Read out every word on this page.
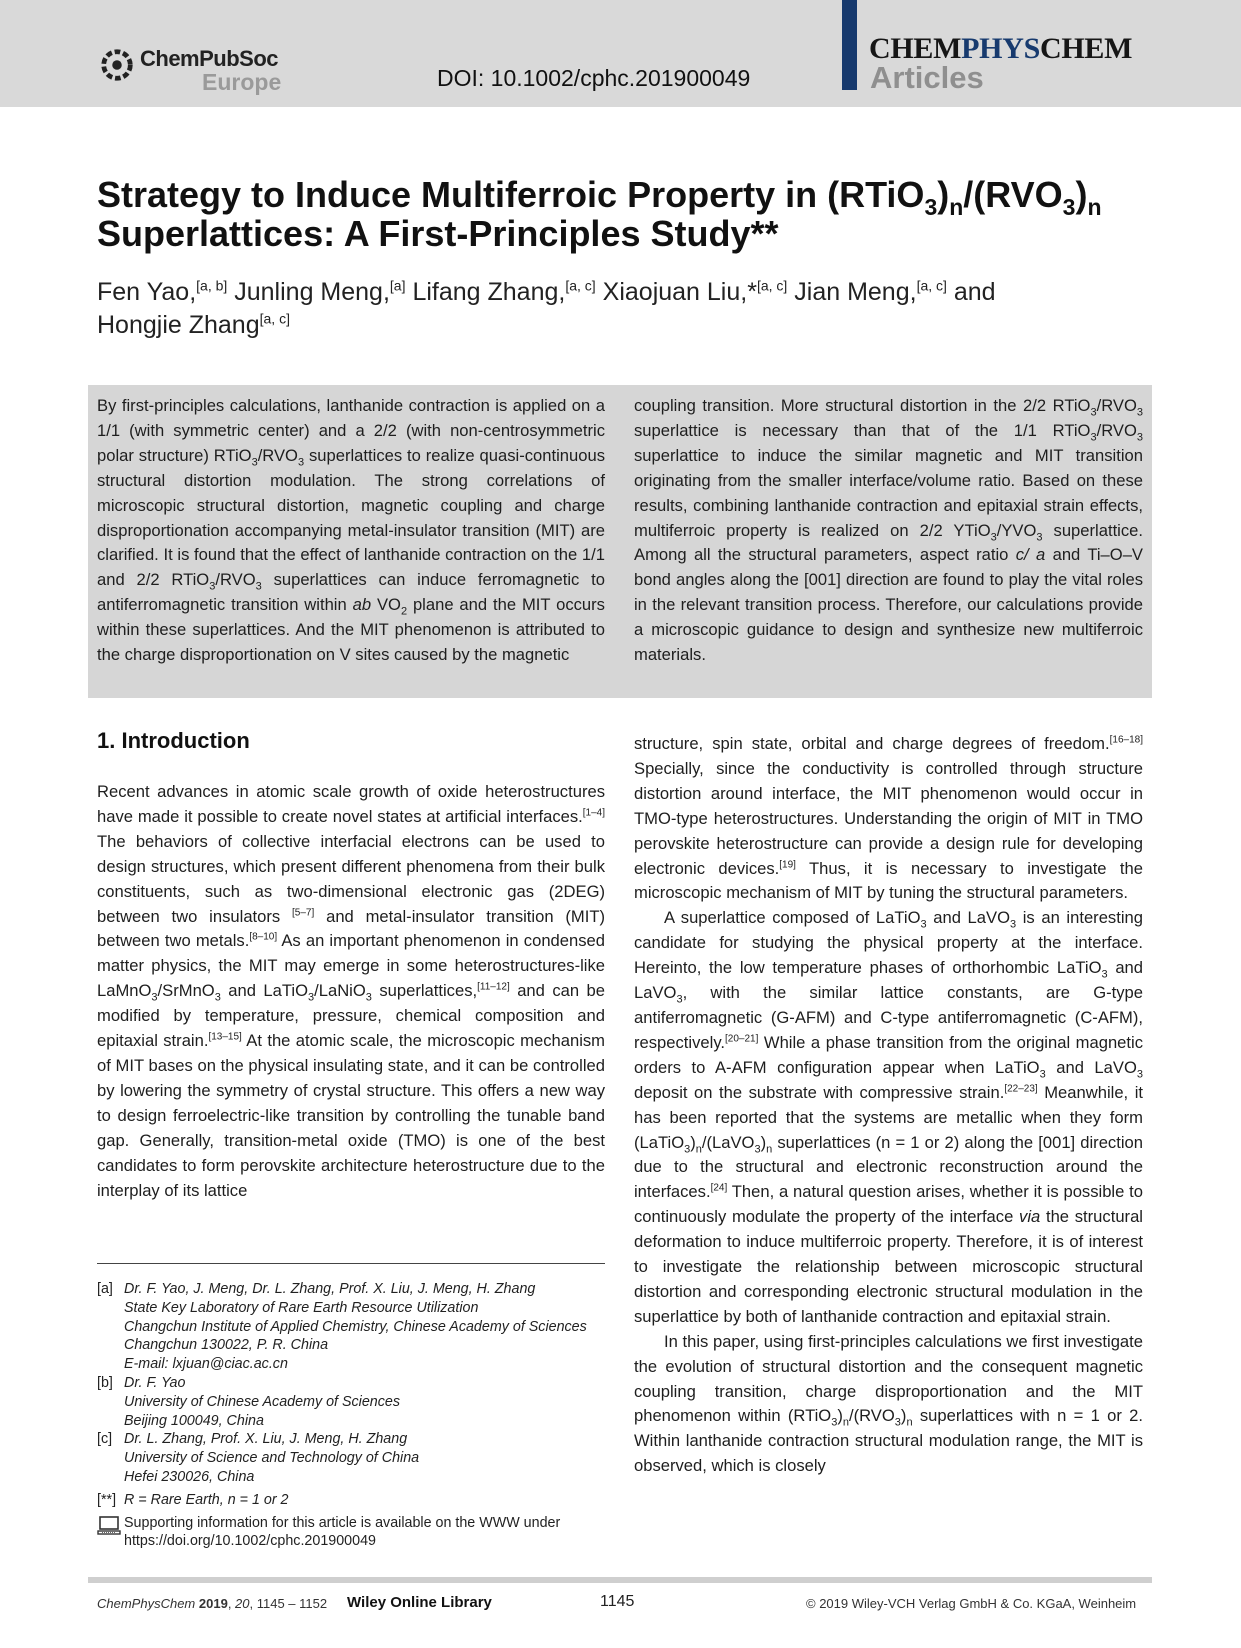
ChemPubSoc
Europe	DOI: 10.1002/cphc.201900049
CHEMPHYSCHEM
Articles
Strategy to Induce Multiferroic Property in $(RTiO_3)_n/(RVO_3)_n$
Superlattices: A First-Principles Study**
Fen Yao,[a, b] Junling Meng,[a] Lifang Zhang,[a, c] Xiaojuan Liu,*[a, c] Jian Meng,[a, c] and
Hongjie Zhang[a, c]
By first-principles calculations, lanthanide contraction is applied on a 1/1 (with symmetric center) and a 2/2 (with non-centrosymmetric polar structure) $RTiO_3/RVO_3$ superlattices to realize quasi-continuous structural distortion modulation. The strong correlations of microscopic structural distortion, magnetic coupling and charge disproportionation accompanying metal-insulator transition (MIT) are clarified. It is found that the effect of lanthanide contraction on the 1/1 and 2/2 $RTiO_3/RVO_3$ superlattices can induce ferromagnetic to antiferromagnetic transition within ab $VO_2$ plane and the MIT occurs within these superlattices. And the MIT phenomenon is attributed to the charge disproportionation on V sites caused by the magnetic
coupling transition. More structural distortion in the 2/2 $RTiO_3/RVO_3$ superlattice is necessary than that of the 1/1 $RTiO_3/RVO_3$ superlattice to induce the similar magnetic and MIT transition originating from the smaller interface/volume ratio. Based on these results, combining lanthanide contraction and epitaxial strain effects, multiferroic property is realized on 2/2 $YTiO_3/YVO_3$ superlattice. Among all the structural parameters, aspect ratio c/ a and Ti–O–V bond angles along the [001] direction are found to play the vital roles in the relevant transition process. Therefore, our calculations provide a microscopic guidance to design and synthesize new multiferroic materials.
1. Introduction

Recent advances in atomic scale growth of oxide heterostructures have made it possible to create novel states at artificial interfaces.[1–4] The behaviors of collective interfacial electrons can be used to design structures, which present different phenomena from their bulk constituents, such as two-dimensional electronic gas (2DEG) between two insulators [5–7] and metal-insulator transition (MIT) between two metals.[8–10] As an important phenomenon in condensed matter physics, the MIT may emerge in some heterostructures-like LaMnO$_3$/SrMnO$_3$ and LaTiO$_3$/LaNiO$_3$ superlattices,[11–12] and can be modified by temperature, pressure, chemical composition and epitaxial strain.[13–15] At the atomic scale, the microscopic mechanism of MIT bases on the physical insulating state, and it can be controlled by lowering the symmetry of crystal structure. This offers a new way to design ferroelectric-like transition by controlling the tunable band gap. Generally, transition-metal oxide (TMO) is one of the best candidates to form perovskite architecture heterostructure due to the interplay of its lattice

structure, spin state, orbital and charge degrees of freedom.[16–18] Specially, since the conductivity is controlled through structure distortion around interface, the MIT phenomenon would occur in TMO-type heterostructures. Understanding the origin of MIT in TMO perovskite heterostructure can provide a design rule for developing electronic devices.[19] Thus, it is necessary to investigate the microscopic mechanism of MIT by tuning the structural parameters.

A superlattice composed of LaTiO$_3$ and LaVO$_3$ is an interesting candidate for studying the physical property at the interface. Hereinto, the low temperature phases of orthorhombic LaTiO$_3$ and LaVO$_3$, with the similar lattice constants, are G-type antiferromagnetic (G-AFM) and C-type antiferromagnetic (C-AFM), respectively.[20–21] While a phase transition from the original magnetic orders to A-AFM configuration appear when LaTiO$_3$ and LaVO$_3$ deposit on the substrate with compressive strain.[22–23] Meanwhile, it has been reported that the systems are metallic when they form $(LaTiO_3)_n/(LaVO_3)_n$ superlattices (n = 1 or 2) along the [001] direction due to the structural and electronic reconstruction around the interfaces.[24] Then, a natural question arises, whether it is possible to continuously modulate the property of the interface via the structural deformation to induce multiferroic property. Therefore, it is of interest to investigate the relationship between microscopic structural distortion and corresponding electronic structural modulation in the superlattice by both of lanthanide contraction and epitaxial strain.

In this paper, using first-principles calculations we first investigate the evolution of structural distortion and the consequent magnetic coupling transition, charge disproportionation and the MIT phenomenon within $(RTiO_3)_n/(RVO_3)_n$ superlattices with n = 1 or 2. Within lanthanide contraction structural modulation range, the MIT is observed, which is closely

[a] Dr. F. Yao, J. Meng, Dr. L. Zhang, Prof. X. Liu, J. Meng, H. Zhang
State Key Laboratory of Rare Earth Resource Utilization
Changchun Institute of Applied Chemistry, Chinese Academy of Sciences
Changchun 130022, P. R. China
E-mail: lxjuan@ciac.ac.cn
[b] Dr. F. Yao
University of Chinese Academy of Sciences
Beijing 100049, China
[c] Dr. L. Zhang, Prof. X. Liu, J. Meng, H. Zhang
University of Science and Technology of China
Hefei 230026, China
[**] R = Rare Earth, n = 1 or 2
Supporting information for this article is available on the WWW under
https://doi.org/10.1002/cphc.201900049
ChemPhysChem 2019, 20, 1145 – 1152 Wiley Online Library	1145	© 2019 Wiley-VCH Verlag GmbH & Co. KGaA, Weinheim
